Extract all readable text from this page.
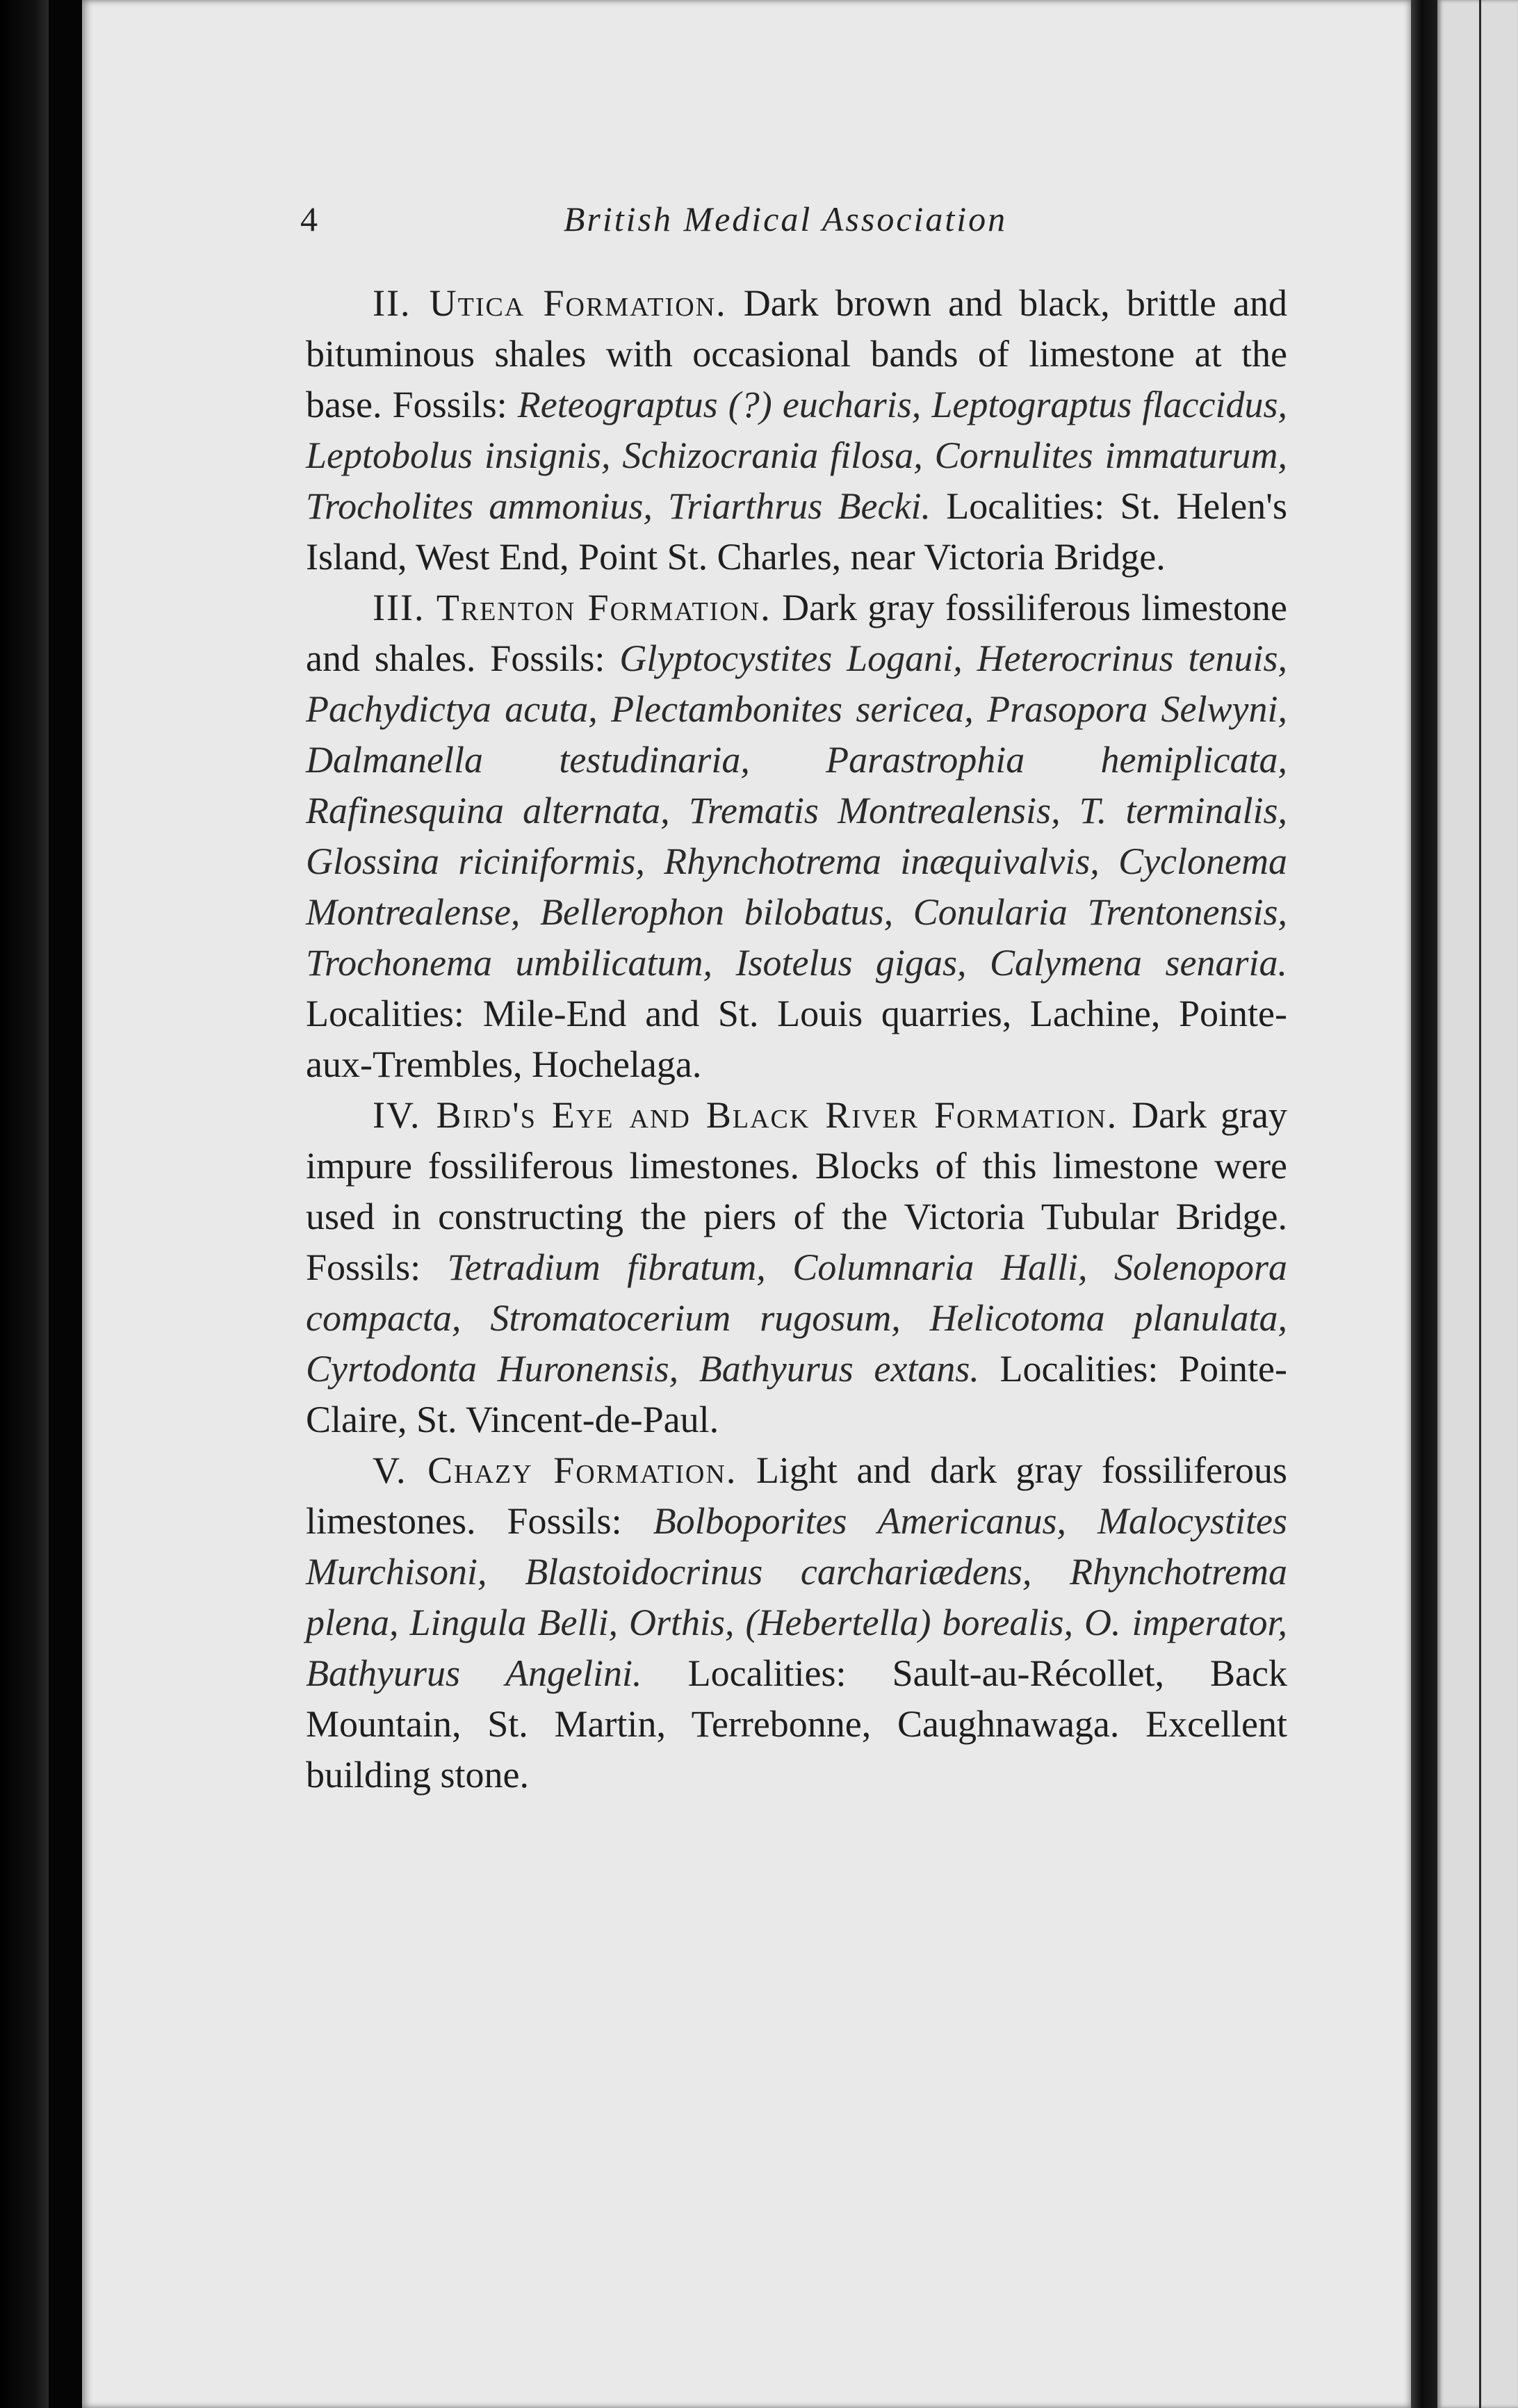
4	British Medical Association

II. Utica Formation. Dark brown and black, brittle and bituminous shales with occasional bands of limestone at the base. Fossils: Reteograptus (?) eucharis, Leptograptus flaccidus, Leptobolus insignis, Schizocrania filosa, Cornulites immaturum, Trocholites ammonius, Triarthrus Becki. Localities: St. Helen's Island, West End, Point St. Charles, near Victoria Bridge.

III. Trenton Formation. Dark gray fossiliferous limestone and shales. Fossils: Glyptocystites Logani, Heterocrinus tenuis, Pachydictya acuta, Plectambonites sericea, Prasopora Selwyni, Dalmanella testudinaria, Parastrophia hemiplicata, Rafinesquina alternata, Trematis Montrealensis, T. terminalis, Glossina riciniformis, Rhynchotrema inæquivalvis, Cyclonema Montrealense, Bellerophon bilobatus, Conularia Trentonensis, Trochonema umbilicatum, Isotelus gigas, Calymena senaria. Localities: Mile-End and St. Louis quarries, Lachine, Pointe-aux-Trembles, Hochelaga.

IV. Bird's Eye and Black River Formation. Dark gray impure fossiliferous limestones. Blocks of this limestone were used in constructing the piers of the Victoria Tubular Bridge. Fossils: Tetradium fibratum, Columnaria Halli, Solenopora compacta, Stromatocerium rugosum, Helicotoma planulata, Cyrtodonta Huronensis, Bathyurus extans. Localities: Pointe-Claire, St. Vincent-de-Paul.

V. Chazy Formation. Light and dark gray fossiliferous limestones. Fossils: Bolboporites Americanus, Malocystites Murchisoni, Blastoidocrinus carchariædens, Rhynchotrema plena, Lingula Belli, Orthis, (Hebertella) borealis, O. imperator, Bathyurus Angelini. Localities: Sault-au-Récollet, Back Mountain, St. Martin, Terrebonne, Caughnawaga. Excellent building stone.
